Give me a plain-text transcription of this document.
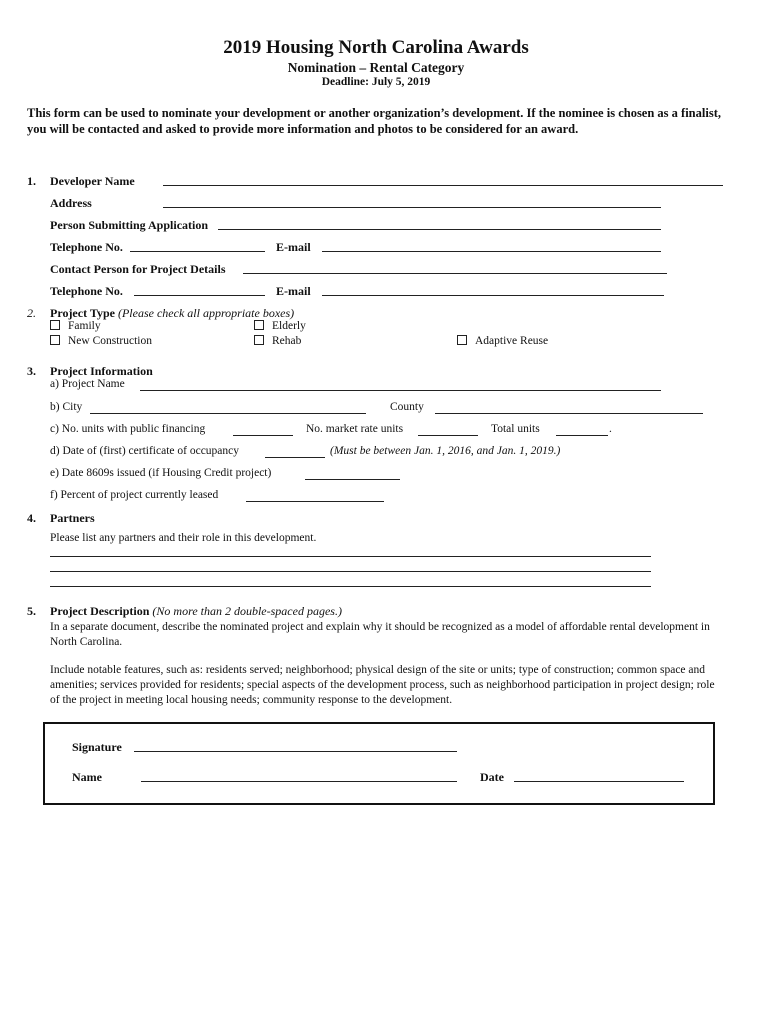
2019 Housing North Carolina Awards
Nomination – Rental Category
Deadline: July 5, 2019
This form can be used to nominate your development or another organization’s development. If the nominee is chosen as a finalist, you will be contacted and asked to provide more information and photos to be considered for an award.
1. Developer Name
Address
Person Submitting Application
Telephone No.	E-mail
Contact Person for Project Details
Telephone No.	E-mail
2. Project Type (Please check all appropriate boxes)
Family	Elderly
New Construction	Rehab	Adaptive Reuse
3. Project Information
a) Project Name
b) City	County
c) No. units with public financing	No. market rate units	Total units	.
d) Date of (first) certificate of occupancy	(Must be between Jan. 1, 2016, and Jan. 1, 2019.)
e) Date 8609s issued (if Housing Credit project)
f) Percent of project currently leased
4. Partners
Please list any partners and their role in this development.
5. Project Description (No more than 2 double-spaced pages.)
In a separate document, describe the nominated project and explain why it should be recognized as a model of affordable rental development in North Carolina.
Include notable features, such as: residents served; neighborhood; physical design of the site or units; type of construction; common space and amenities; services provided for residents; special aspects of the development process, such as neighborhood participation in project design; role of the project in meeting local housing needs; community response to the development.
Signature
Name	Date
